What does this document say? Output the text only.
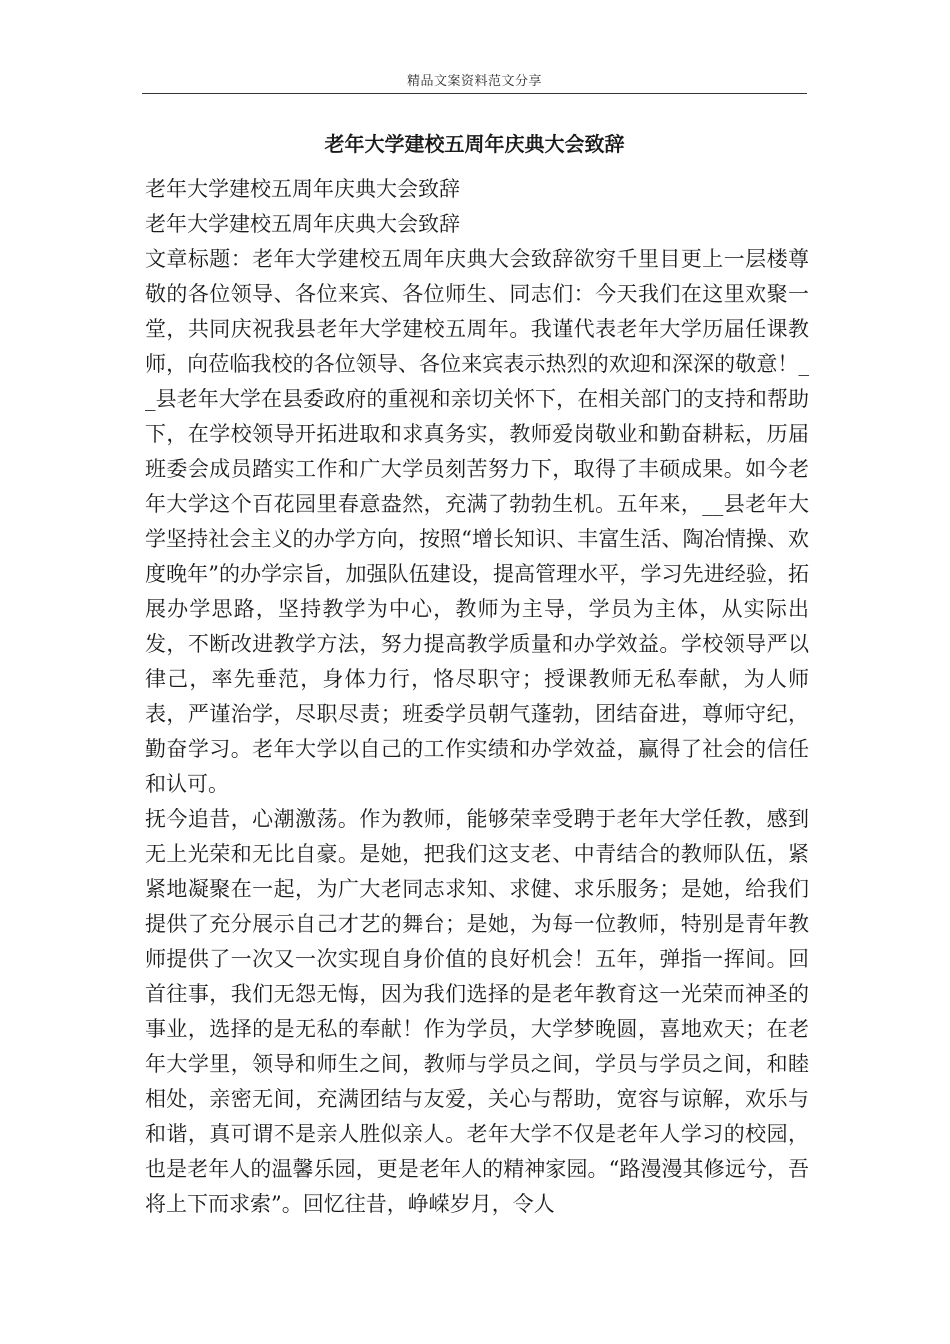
精品文案资料范文分享
老年大学建校五周年庆典大会致辞

老年大学建校五周年庆典大会致辞

老年大学建校五周年庆典大会致辞

文章标题：老年大学建校五周年庆典大会致辞欲穷千里目更上一层楼尊敬的各位领导、各位来宾、各位师生、同志们：今天我们在这里欢聚一堂，共同庆祝我县老年大学建校五周年。我谨代表老年大学历届任课教师，向莅临我校的各位领导、各位来宾表示热烈的欢迎和深深的敬意！__县老年大学在县委政府的重视和亲切关怀下，在相关部门的支持和帮助下，在学校领导开拓进取和求真务实，教师爱岗敬业和勤奋耕耘，历届班委会成员踏实工作和广大学员刻苦努力下，取得了丰硕成果。如今老年大学这个百花园里春意盎然，充满了勃勃生机。五年来，__县老年大学坚持社会主义的办学方向，按照“增长知识、丰富生活、陶冶情操、欢度晚年”的办学宗旨，加强队伍建设，提高管理水平，学习先进经验，拓展办学思路，坚持教学为中心，教师为主导，学员为主体，从实际出发，不断改进教学方法，努力提高教学质量和办学效益。学校领导严以律己，率先垂范，身体力行，恪尽职守；授课教师无私奉献，为人师表，严谨治学，尽职尽责；班委学员朝气蓬勃，团结奋进，尊师守纪，勤奋学习。老年大学以自己的工作实绩和办学效益，赢得了社会的信任和认可。

抚今追昔，心潮激荡。作为教师，能够荣幸受聘于老年大学任教，感到无上光荣和无比自豪。是她，把我们这支老、中青结合的教师队伍，紧紧地凝聚在一起，为广大老同志求知、求健、求乐服务；是她，给我们提供了充分展示自己才艺的舞台；是她，为每一位教师，特别是青年教师提供了一次又一次实现自身价值的良好机会！五年，弹指一挥间。回首往事，我们无怨无悔，因为我们选择的是老年教育这一光荣而神圣的事业，选择的是无私的奉献！作为学员，大学梦晚圆，喜地欢天；在老年大学里，领导和师生之间，教师与学员之间，学员与学员之间，和睦相处，亲密无间，充满团结与友爱，关心与帮助，宽容与谅解，欢乐与和谐，真可谓不是亲人胜似亲人。老年大学不仅是老年人学习的校园，也是老年人的温馨乐园，更是老年人的精神家园。“路漫漫其修远兮，吾将上下而求索”。回忆往昔，峥嵘岁月，令人
